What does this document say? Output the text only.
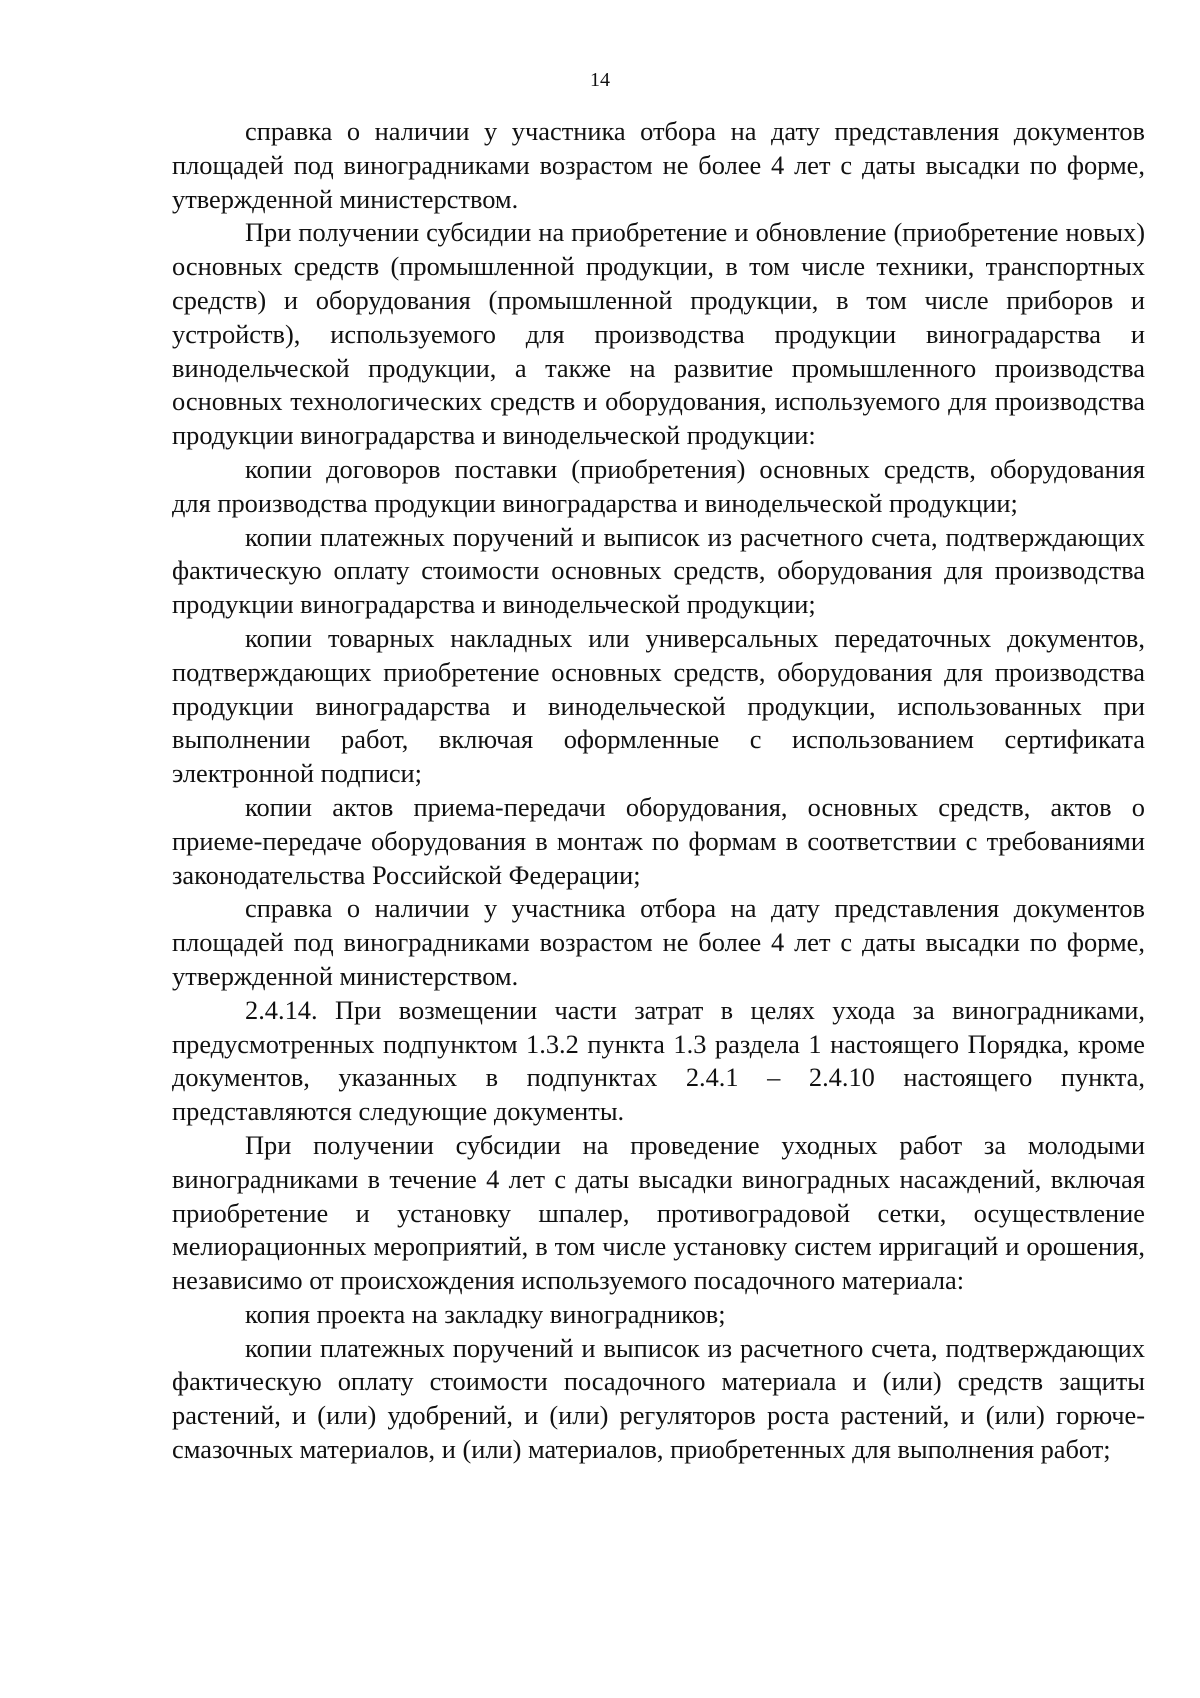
14

справка о наличии у участника отбора на дату представления документов площадей под виноградниками возрастом не более 4 лет с даты высадки по форме, утвержденной министерством.

При получении субсидии на приобретение и обновление (приобретение новых) основных средств (промышленной продукции, в том числе техники, транспортных средств) и оборудования (промышленной продукции, в том числе приборов и устройств), используемого для производства продукции виноградарства и винодельческой продукции, а также на развитие промышленного производства основных технологических средств и оборудования, используемого для производства продукции виноградарства и винодельческой продукции:

копии договоров поставки (приобретения) основных средств, оборудования для производства продукции виноградарства и винодельческой продукции;

копии платежных поручений и выписок из расчетного счета, подтверждающих фактическую оплату стоимости основных средств, оборудования для производства продукции виноградарства и винодельческой продукции;

копии товарных накладных или универсальных передаточных документов, подтверждающих приобретение основных средств, оборудования для производства продукции виноградарства и винодельческой продукции, использованных при выполнении работ, включая оформленные с использованием сертификата электронной подписи;

копии актов приема-передачи оборудования, основных средств, актов о приеме-передаче оборудования в монтаж по формам в соответствии с требованиями законодательства Российской Федерации;

справка о наличии у участника отбора на дату представления документов площадей под виноградниками возрастом не более 4 лет с даты высадки по форме, утвержденной министерством.

2.4.14. При возмещении части затрат в целях ухода за виноградниками, предусмотренных подпунктом 1.3.2 пункта 1.3 раздела 1 настоящего Порядка, кроме документов, указанных в подпунктах 2.4.1 – 2.4.10 настоящего пункта, представляются следующие документы.

При получении субсидии на проведение уходных работ за молодыми виноградниками в течение 4 лет с даты высадки виноградных насаждений, включая приобретение и установку шпалер, противоградовой сетки, осуществление мелиорационных мероприятий, в том числе установку систем ирригаций и орошения, независимо от происхождения используемого посадочного материала:

копия проекта на закладку виноградников;

копии платежных поручений и выписок из расчетного счета, подтверждающих фактическую оплату стоимости посадочного материала и (или) средств защиты растений, и (или) удобрений, и (или) регуляторов роста растений, и (или) горюче-смазочных материалов, и (или) материалов, приобретенных для выполнения работ;
